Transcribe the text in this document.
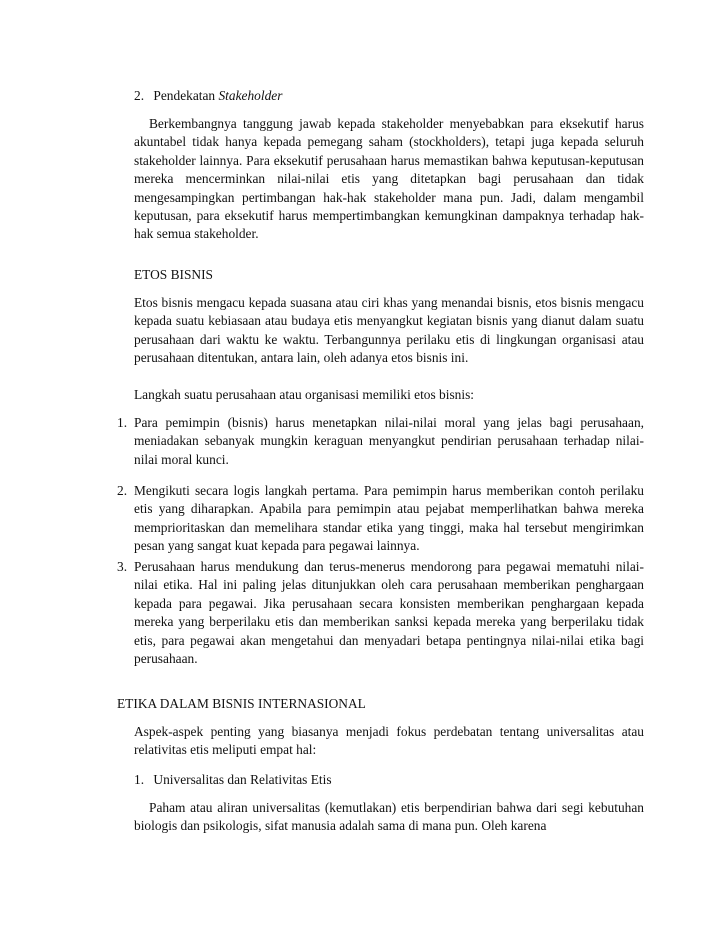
2. Pendekatan Stakeholder

Berkembangnya tanggung jawab kepada stakeholder menyebabkan para eksekutif harus akuntabel tidak hanya kepada pemegang saham (stockholders), tetapi juga kepada seluruh stakeholder lainnya. Para eksekutif perusahaan harus memastikan bahwa keputusan-keputusan mereka mencerminkan nilai-nilai etis yang ditetapkan bagi perusahaan dan tidak mengesampingkan pertimbangan hak-hak stakeholder mana pun. Jadi, dalam mengambil keputusan, para eksekutif harus mempertimbangkan kemungkinan dampaknya terhadap hak-hak semua stakeholder.

ETOS BISNIS

Etos bisnis mengacu kepada suasana atau ciri khas yang menandai bisnis, etos bisnis mengacu kepada suatu kebiasaan atau budaya etis menyangkut kegiatan bisnis yang dianut dalam suatu perusahaan dari waktu ke waktu. Terbangunnya perilaku etis di lingkungan organisasi atau perusahaan ditentukan, antara lain, oleh adanya etos bisnis ini.

Langkah suatu perusahaan atau organisasi memiliki etos bisnis:

1. Para pemimpin (bisnis) harus menetapkan nilai-nilai moral yang jelas bagi perusahaan, meniadakan sebanyak mungkin keraguan menyangkut pendirian perusahaan terhadap nilai-nilai moral kunci.

2. Mengikuti secara logis langkah pertama. Para pemimpin harus memberikan contoh perilaku etis yang diharapkan. Apabila para pemimpin atau pejabat memperlihatkan bahwa mereka memprioritaskan dan memelihara standar etika yang tinggi, maka hal tersebut mengirimkan pesan yang sangat kuat kepada para pegawai lainnya.

3. Perusahaan harus mendukung dan terus-menerus mendorong para pegawai mematuhi nilai-nilai etika. Hal ini paling jelas ditunjukkan oleh cara perusahaan memberikan penghargaan kepada para pegawai. Jika perusahaan secara konsisten memberikan penghargaan kepada mereka yang berperilaku etis dan memberikan sanksi kepada mereka yang berperilaku tidak etis, para pegawai akan mengetahui dan menyadari betapa pentingnya nilai-nilai etika bagi perusahaan.

ETIKA DALAM BISNIS INTERNASIONAL

Aspek-aspek penting yang biasanya menjadi fokus perdebatan tentang universalitas atau relativitas etis meliputi empat hal:

1. Universalitas dan Relativitas Etis

Paham atau aliran universalitas (kemutlakan) etis berpendirian bahwa dari segi kebutuhan biologis dan psikologis, sifat manusia adalah sama di mana pun. Oleh karena
